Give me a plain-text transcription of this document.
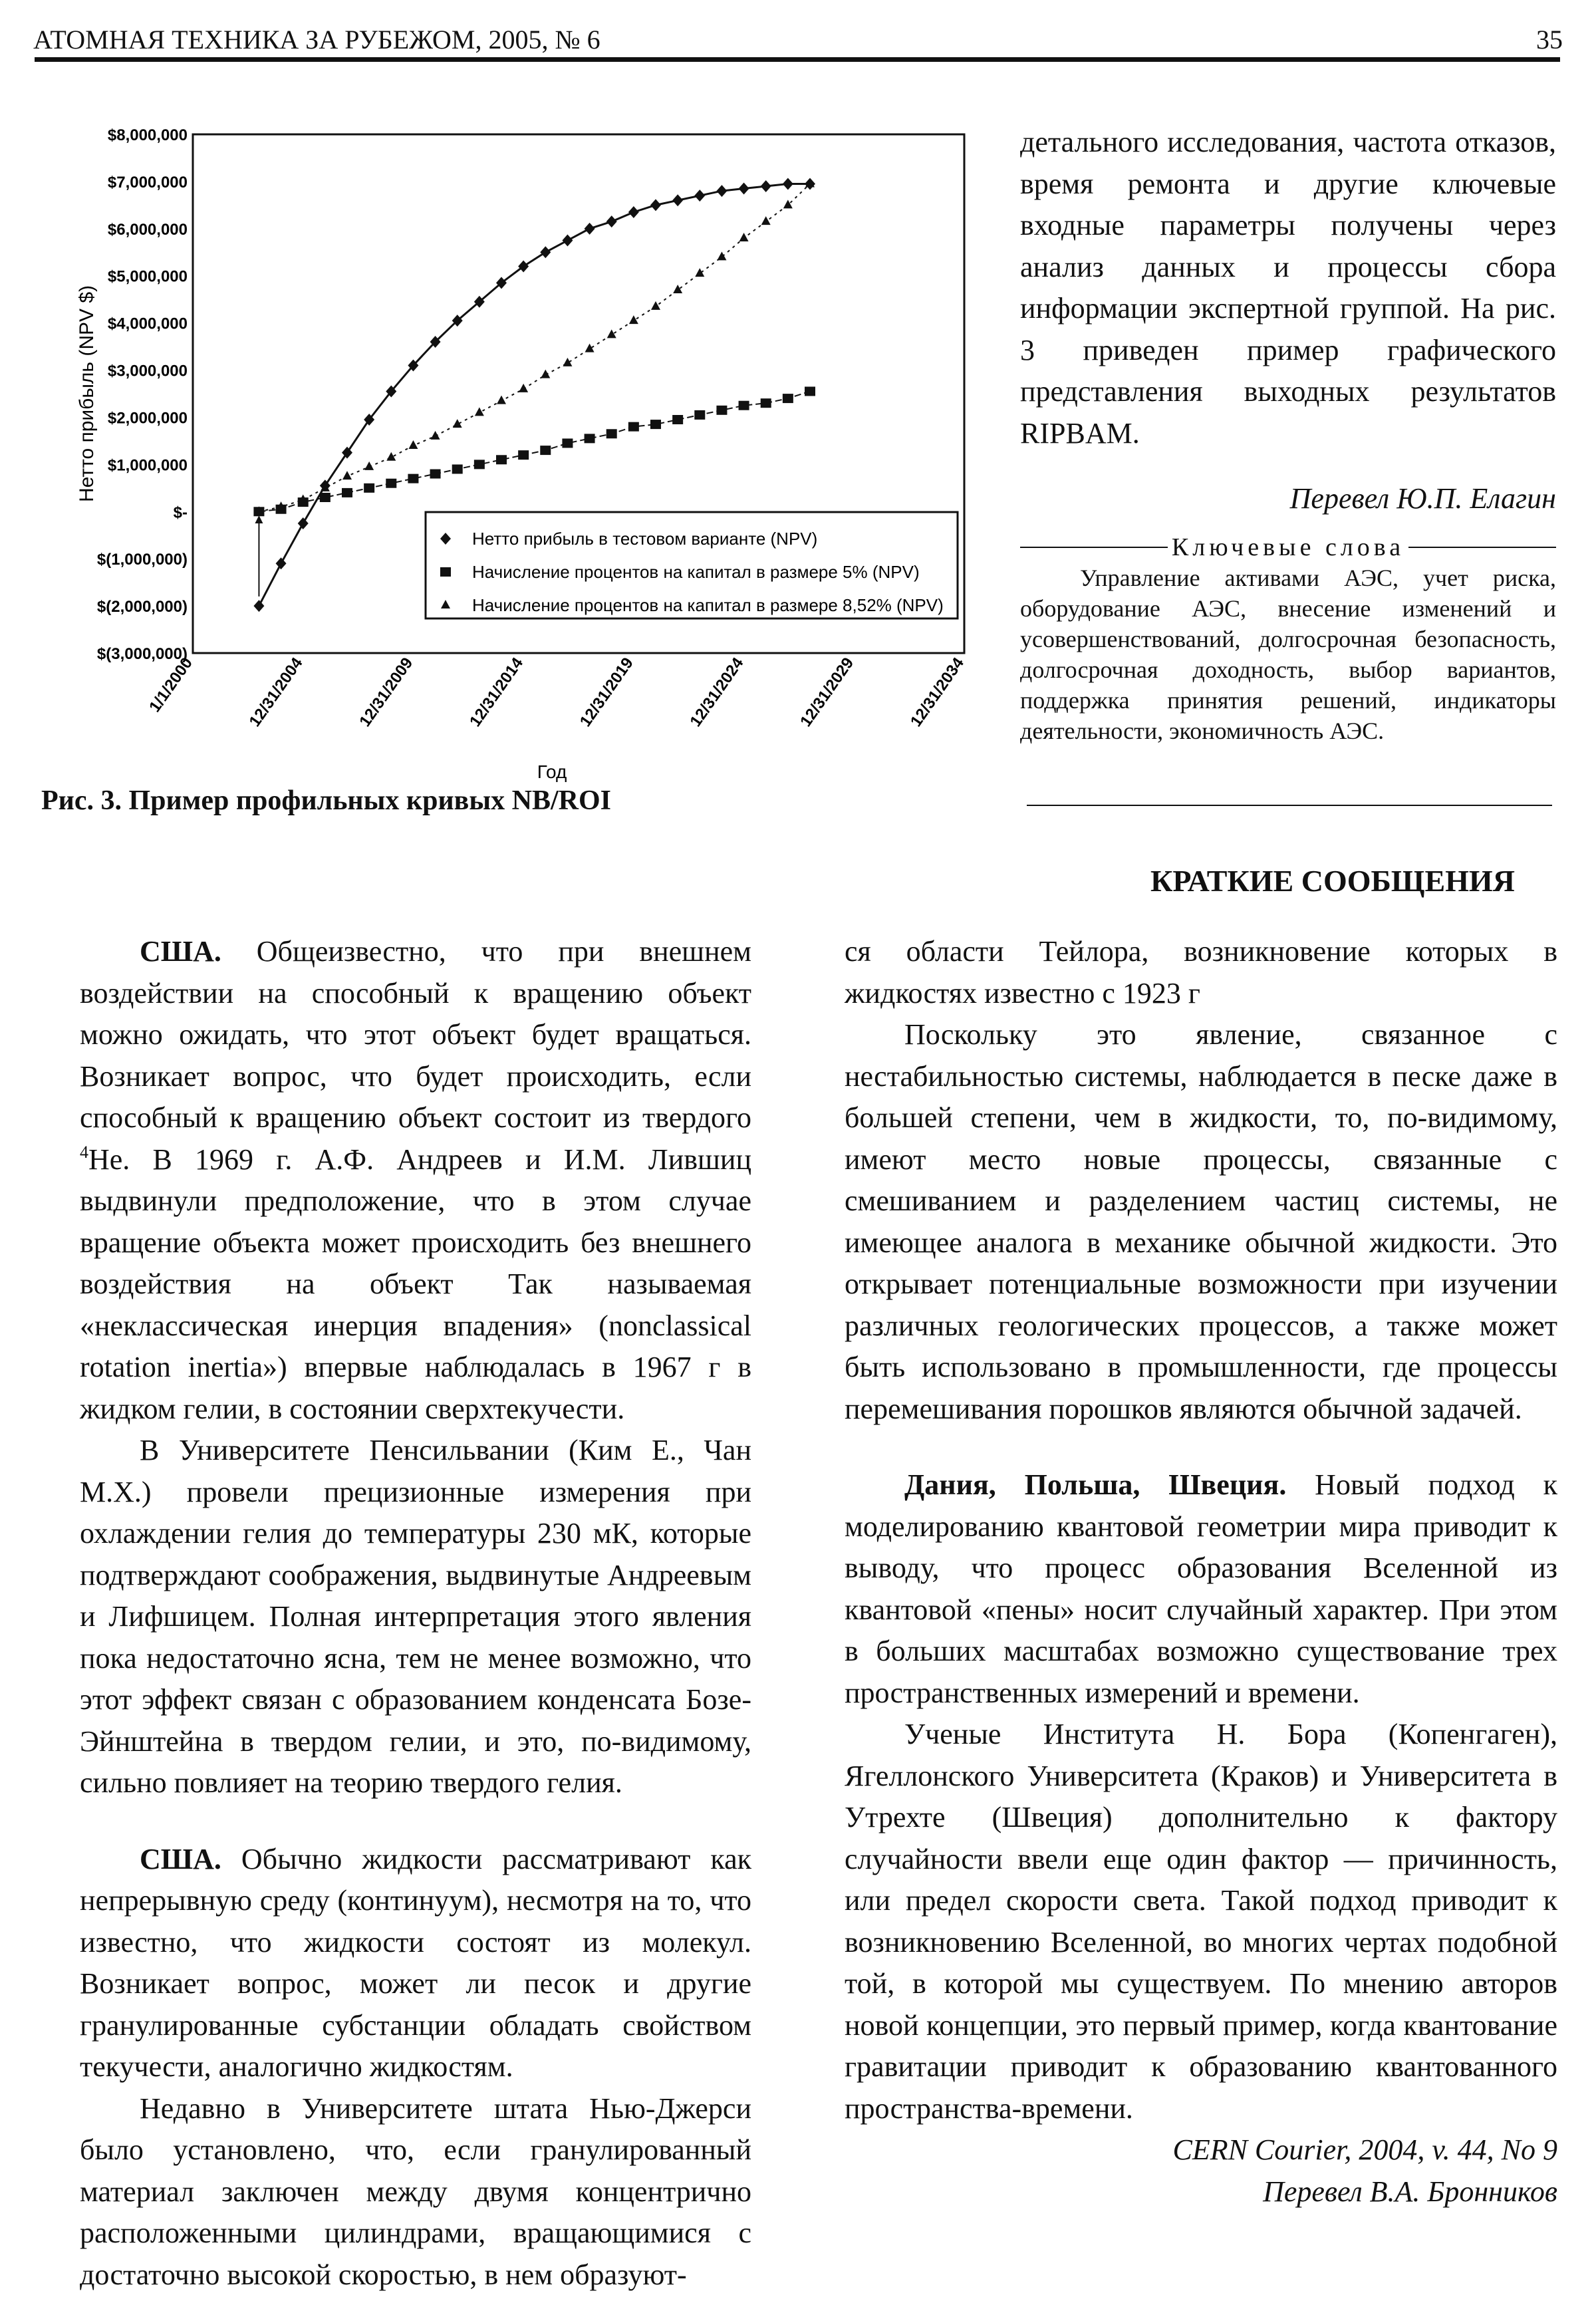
АТОМНАЯ ТЕХНИКА ЗА РУБЕЖОМ, 2005, № 6	35
$8,000,000
$7,000,000
$6,000,000
$5,000,000
$4,000,000
$3,000,000
$2,000,000
$1,000,000
$-
$(1,000,000)
$(2,000,000)
$(3,000,000)
1/1/2000	12/31/2004	12/31/2009	12/31/2014	12/31/2019	12/31/2024	12/31/2029	12/31/2034
Год
Нетто прибыль (NPV $)
Нетто прибыль в тестовом варианте (NPV)
Начисление процентов на капитал в размере 5% (NPV)
Начисление процентов на капитал в размере 8,52% (NPV)
Рис. 3. Пример профильных кривых NB/ROI

детального исследования, частота отказов, время ремонта и другие ключевые входные параметры получены через анализ данных и процессы сбора информации экспертной группой. На рис. 3 приведен пример графического представления выходных результатов RIPBAM.

Перевел Ю.П. Елагин

Ключевые слова

Управление активами АЭС, учет риска, оборудование АЭС, внесение изменений и усовершенствований, долгосрочная безопасность, долгосрочная доходность, выбор вариантов, поддержка принятия решений, индикаторы деятельности, экономичность АЭС.

КРАТКИЕ СООБЩЕНИЯ

США. Общеизвестно, что при внешнем воздействии на способный к вращению объект можно ожидать, что этот объект будет вращаться. Возникает вопрос, что будет происходить, если способный к вращению объект состоит из твердого $^4$He. В 1969 г. А.Ф. Андреев и И.М. Лившиц выдвинули предположение, что в этом случае вращение объекта может происходить без внешнего воздействия на объект Так называемая «неклассическая инерция впадения» (nonclassical rotation inertia») впервые наблюдалась в 1967 г в жидком гелии, в состоянии сверхтекучести.

В Университете Пенсильвании (Ким Е., Чан М.Х.) провели прецизионные измерения при охлаждении гелия до температуры 230 мК, которые подтверждают соображения, выдвинутые Андреевым и Лифшицем. Полная интерпретация этого явления пока недостаточно ясна, тем не менее возможно, что этот эффект связан с образованием конденсата Бозе-Эйнштейна в твердом гелии, и это, по-видимому, сильно повлияет на теорию твердого гелия.

США. Обычно жидкости рассматривают как непрерывную среду (континуум), несмотря на то, что известно, что жидкости состоят из молекул. Возникает вопрос, может ли песок и другие гранулированные субстанции обладать свойством текучести, аналогично жидкостям.

Недавно в Университете штата Нью-Джерси было установлено, что, если гранулированный материал заключен между двумя концентрично расположенными цилиндрами, вращающимися с достаточно высокой скоростью, в нем образуют-

ся области Тейлора, возникновение которых в жидкостях известно с 1923 г

Поскольку это явление, связанное с нестабильностью системы, наблюдается в песке даже в большей степени, чем в жидкости, то, по-видимому, имеют место новые процессы, связанные с смешиванием и разделением частиц системы, не имеющее аналога в механике обычной жидкости. Это открывает потенциальные возможности при изучении различных геологических процессов, а также может быть использовано в промышленности, где процессы перемешивания порошков являются обычной задачей.

Дания, Польша, Швеция. Новый подход к моделированию квантовой геометрии мира приводит к выводу, что процесс образования Вселенной из квантовой «пены» носит случайный характер. При этом в больших масштабах возможно существование трех пространственных измерений и времени.

Ученые Института Н. Бора (Копенгаген), Ягеллонского Университета (Краков) и Университета в Утрехте (Швеция) дополнительно к фактору случайности ввели еще один фактор — причинность, или предел скорости света. Такой подход приводит к возникновению Вселенной, во многих чертах подобной той, в которой мы существуем. По мнению авторов новой концепции, это первый пример, когда квантование гравитации приводит к образованию квантованного пространства-времени.

CERN Courier, 2004, v. 44, No 9

Перевел В.А. Бронников
